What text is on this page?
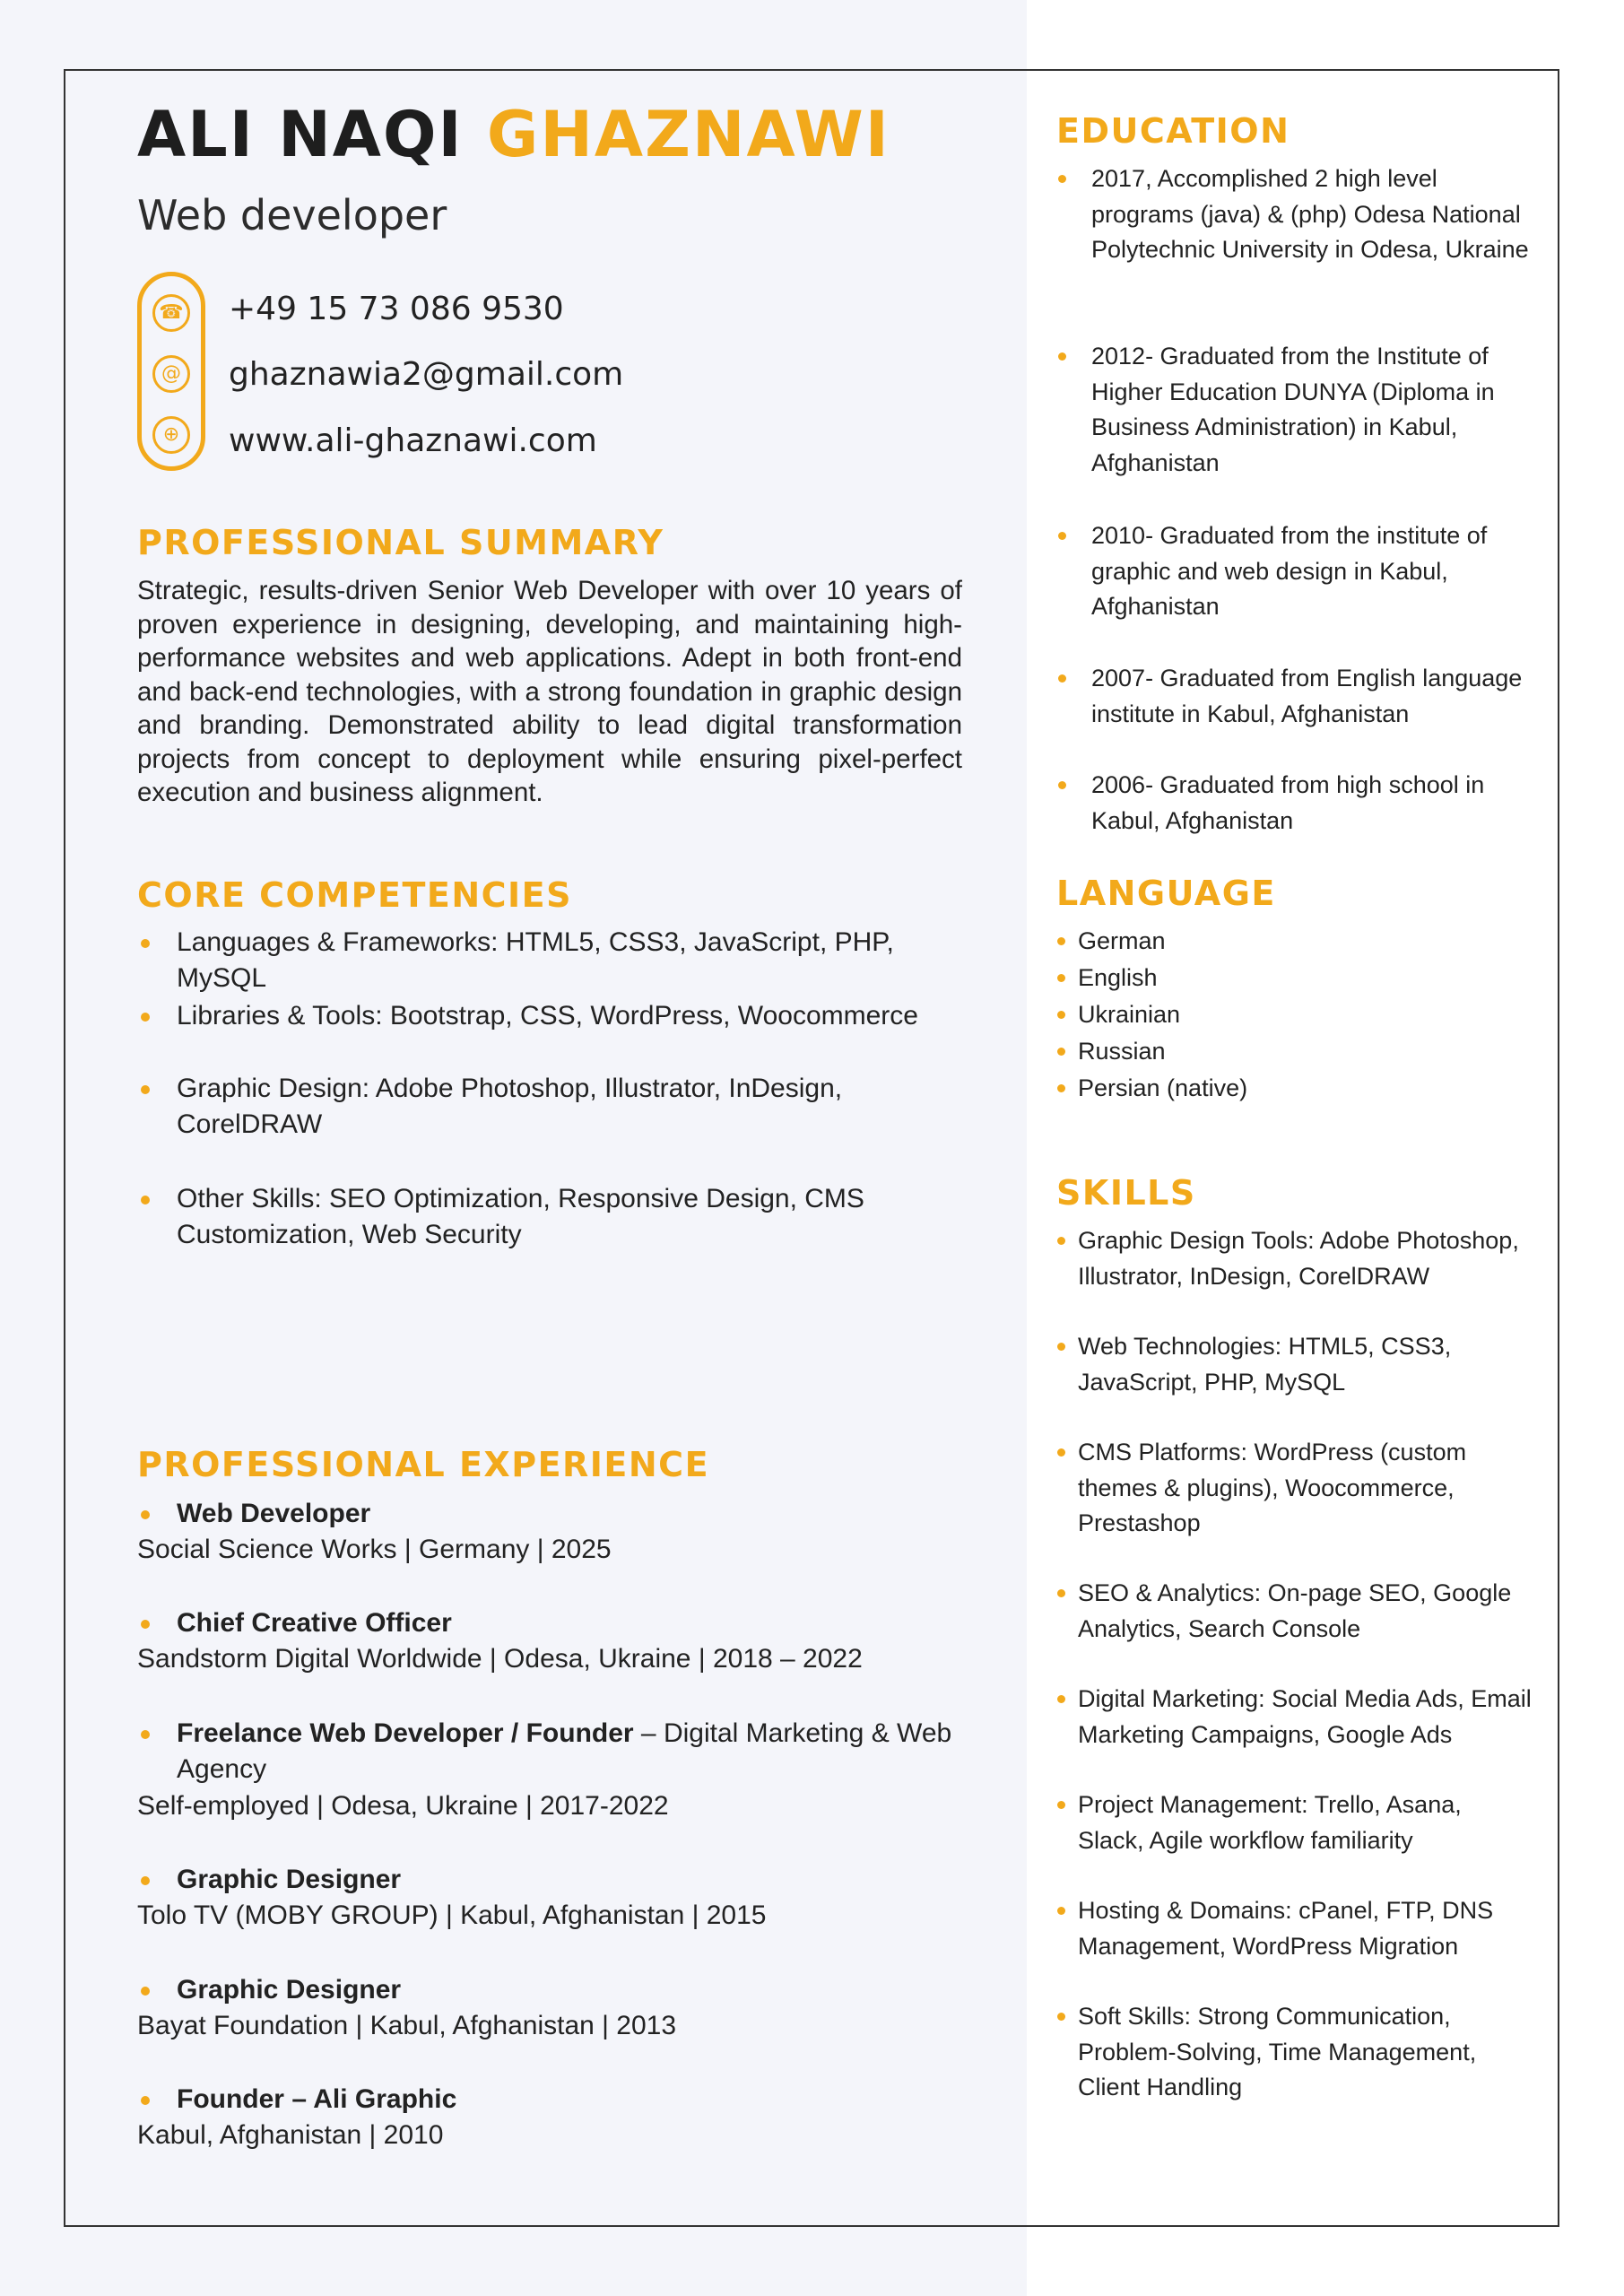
ALI NAQI GHAZNAWI
Web developer
☎
@
⊕
+49 15 73 086 9530
ghaznawia2@gmail.com
www.ali-ghaznawi.com
PROFESSIONAL SUMMARY

Strategic, results-driven Senior Web Developer with over 10 years of proven experience in designing, developing, and maintaining high-performance websites and web applications. Adept in both front-end and back-end technologies, with a strong foundation in graphic design and branding. Demonstrated ability to lead digital transformation projects from concept to deployment while ensuring pixel-perfect execution and business alignment.

CORE COMPETENCIES
Languages & Frameworks: HTML5, CSS3, JavaScript, PHP, MySQL
Libraries & Tools: Bootstrap, CSS, WordPress, Woocommerce
Graphic Design: Adobe Photoshop, Illustrator, InDesign, CorelDRAW
Other Skills: SEO Optimization, Responsive Design, CMS Customization, Web Security
PROFESSIONAL EXPERIENCE
Web Developer
Social Science Works | Germany | 2025
Chief Creative Officer
Sandstorm Digital Worldwide | Odesa, Ukraine | 2018 – 2022
Freelance Web Developer / Founder – Digital Marketing & Web Agency
Self-employed | Odesa, Ukraine | 2017-2022
Graphic Designer
Tolo TV (MOBY GROUP) | Kabul, Afghanistan | 2015
Graphic Designer
Bayat Foundation | Kabul, Afghanistan | 2013
Founder – Ali Graphic
Kabul, Afghanistan | 2010
EDUCATION
2017, Accomplished 2 high level programs (java) & (php) Odesa National Polytechnic University in Odesa, Ukraine
2012- Graduated from the Institute of Higher Education DUNYA (Diploma in Business Administration) in Kabul, Afghanistan
2010- Graduated from the institute of graphic and web design in Kabul, Afghanistan
2007- Graduated from English language institute in Kabul, Afghanistan
2006- Graduated from high school in Kabul, Afghanistan
LANGUAGE
German
English
Ukrainian
Russian
Persian (native)
SKILLS
Graphic Design Tools: Adobe Photoshop, Illustrator, InDesign, CorelDRAW
Web Technologies: HTML5, CSS3, JavaScript, PHP, MySQL
CMS Platforms: WordPress (custom themes & plugins), Woocommerce, Prestashop
SEO & Analytics: On-page SEO, Google Analytics, Search Console
Digital Marketing: Social Media Ads, Email Marketing Campaigns, Google Ads
Project Management: Trello, Asana, Slack, Agile workflow familiarity
Hosting & Domains: cPanel, FTP, DNS Management, WordPress Migration
Soft Skills: Strong Communication, Problem-Solving, Time Management, Client Handling
